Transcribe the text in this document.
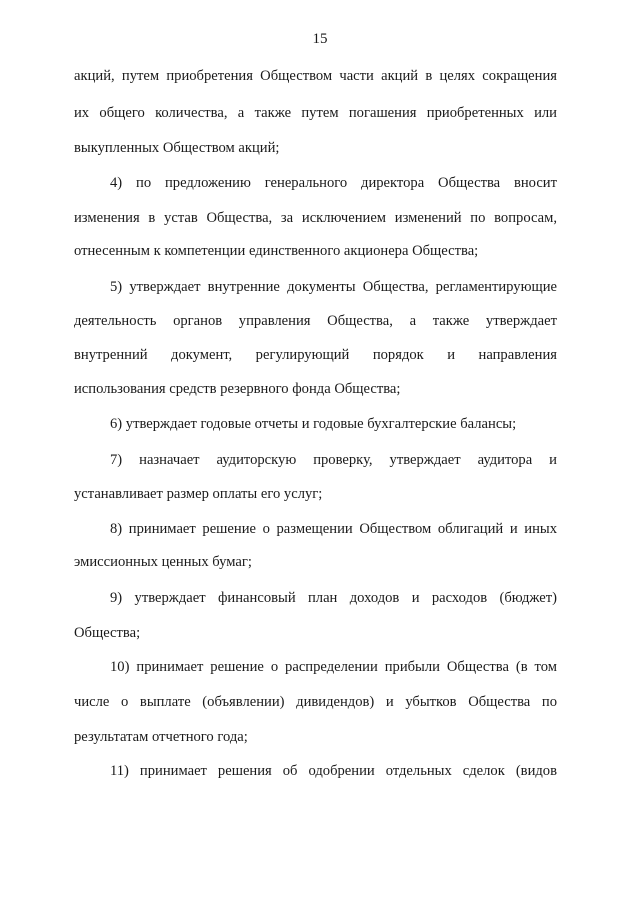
15
акций, путем приобретения Обществом части акций в целях сокращения
их общего количества, а также путем погашения приобретенных или
выкупленных Обществом акций;
4) по предложению генерального директора Общества вносит
изменения в устав Общества, за исключением изменений по вопросам,
отнесенным к компетенции единственного акционера Общества;
5) утверждает внутренние документы Общества, регламентирующие
деятельность органов управления Общества, а также утверждает
внутренний документ, регулирующий порядок и направления
использования средств резервного фонда Общества;
6) утверждает годовые отчеты и годовые бухгалтерские балансы;
7) назначает аудиторскую проверку, утверждает аудитора и
устанавливает размер оплаты его услуг;
8) принимает решение о размещении Обществом облигаций и иных
эмиссионных ценных бумаг;
9) утверждает финансовый план доходов и расходов (бюджет)
Общества;
10) принимает решение о распределении прибыли Общества (в том
числе о выплате (объявлении) дивидендов) и убытков Общества по
результатам отчетного года;
11) принимает решения об одобрении отдельных сделок (видов
